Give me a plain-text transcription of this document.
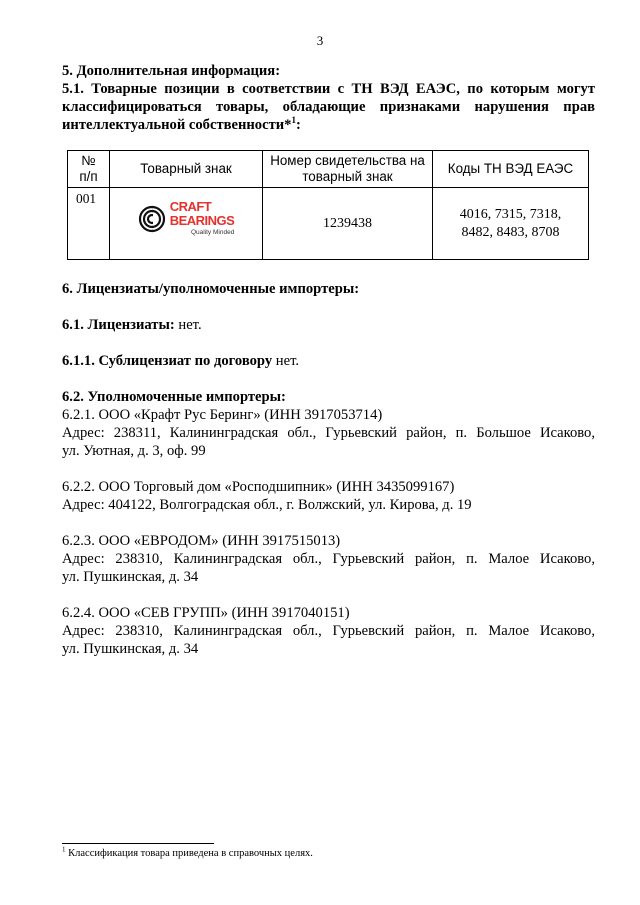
3

5. Дополнительная информация:

5.1. Товарные позиции в соответствии с ТН ВЭД ЕАЭС, по которым могут

классифицироваться товары, обладающие признаками нарушения прав

интеллектуальной собственности*$^1$:

№
п/п	Товарный знак	Номер свидетельства на товарный знак	Коды ТН ВЭД ЕАЭС
001	CRAFT
BEARINGS
Quality Minded	1239438	4016, 7315, 7318,
8482, 8483, 8708

6. Лицензиаты/уполномоченные импортеры:

6.1. Лицензиаты: нет.

6.1.1. Сублицензиат по договору нет.

6.2. Уполномоченные импортеры:

6.2.1. ООО «Крафт Рус Беринг» (ИНН 3917053714)

Адрес: 238311, Калининградская обл., Гурьевский район, п. Большое Исаково,

ул. Уютная, д. 3, оф. 99

6.2.2. ООО Торговый дом «Росподшипник» (ИНН 3435099167)

Адрес: 404122, Волгоградская обл., г. Волжский, ул. Кирова, д. 19

6.2.3. ООО «ЕВРОДОМ» (ИНН 3917515013)

Адрес: 238310, Калининградская обл., Гурьевский район, п. Малое Исаково,

ул. Пушкинская, д. 34

6.2.4. ООО «СЕВ ГРУПП» (ИНН 3917040151)

Адрес: 238310, Калининградская обл., Гурьевский район, п. Малое Исаково,

ул. Пушкинская, д. 34

$^1$ Классификация товара приведена в справочных целях.
